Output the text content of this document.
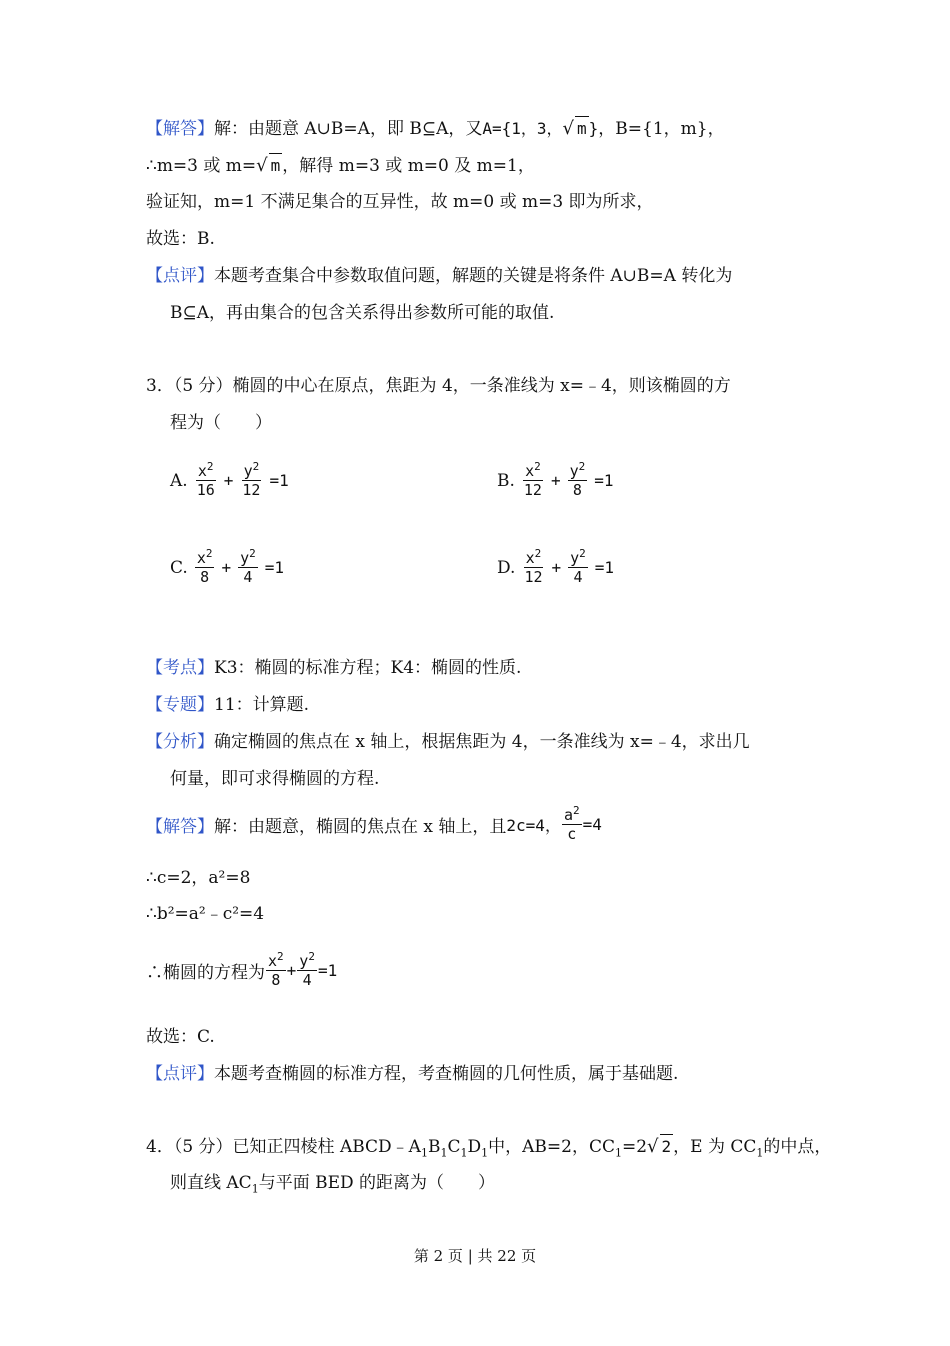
【解答】解：由题意 A∪B=A，即 B⊆A，又A={1，3，√ m }，B={1，m}，
∴m=3 或 m=√ m ，解得 m=3 或 m=0 及 m=1，
验证知，m=1 不满足集合的互异性，故 m=0 或 m=3 即为所求，
故选：B.
【点评】本题考查集合中参数取值问题，解题的关键是将条件 A∪B=A 转化为
B⊆A，再由集合的包含关系得出参数所可能的取值.
3．（5 分）椭圆的中心在原点，焦距为 4，一条准线为 x=﹣4，则该椭圆的方
程为（　　）
A. $\frac{x^2}{16} + \frac{y^2}{12} =1$	B. $\frac{x^2}{12} + \frac{y^2}{8} =1$
C. $\frac{x^2}{8} + \frac{y^2}{4} =1$	D. $\frac{x^2}{12} + \frac{y^2}{4} =1$
【考点】K3：椭圆的标准方程；K4：椭圆的性质.
【专题】11：计算题.
【分析】确定椭圆的焦点在 x 轴上，根据焦距为 4，一条准线为 x=﹣4，求出几
何量，即可求得椭圆的方程.
【解答】 解：由题意，椭圆的焦点在 x 轴上，且 2c=4， $\frac{a^2}{c} =4$
∴c=2，a²=8
∴b²=a²﹣c²=4
∴椭圆的方程为 $\frac{x^2}{8} + \frac{y^2}{4} =1$
故选：C.
【点评】本题考查椭圆的标准方程，考查椭圆的几何性质，属于基础题.
4．（5 分）已知正四棱柱 $ABCD﹣A_1B_1C_1D_1$中，AB=2，$CC_1=2√$ 2 ，E 为 $CC_1$的中点，
则直线 $AC_1$与平面 BED 的距离为（　　）
第 2 页 | 共 22 页
